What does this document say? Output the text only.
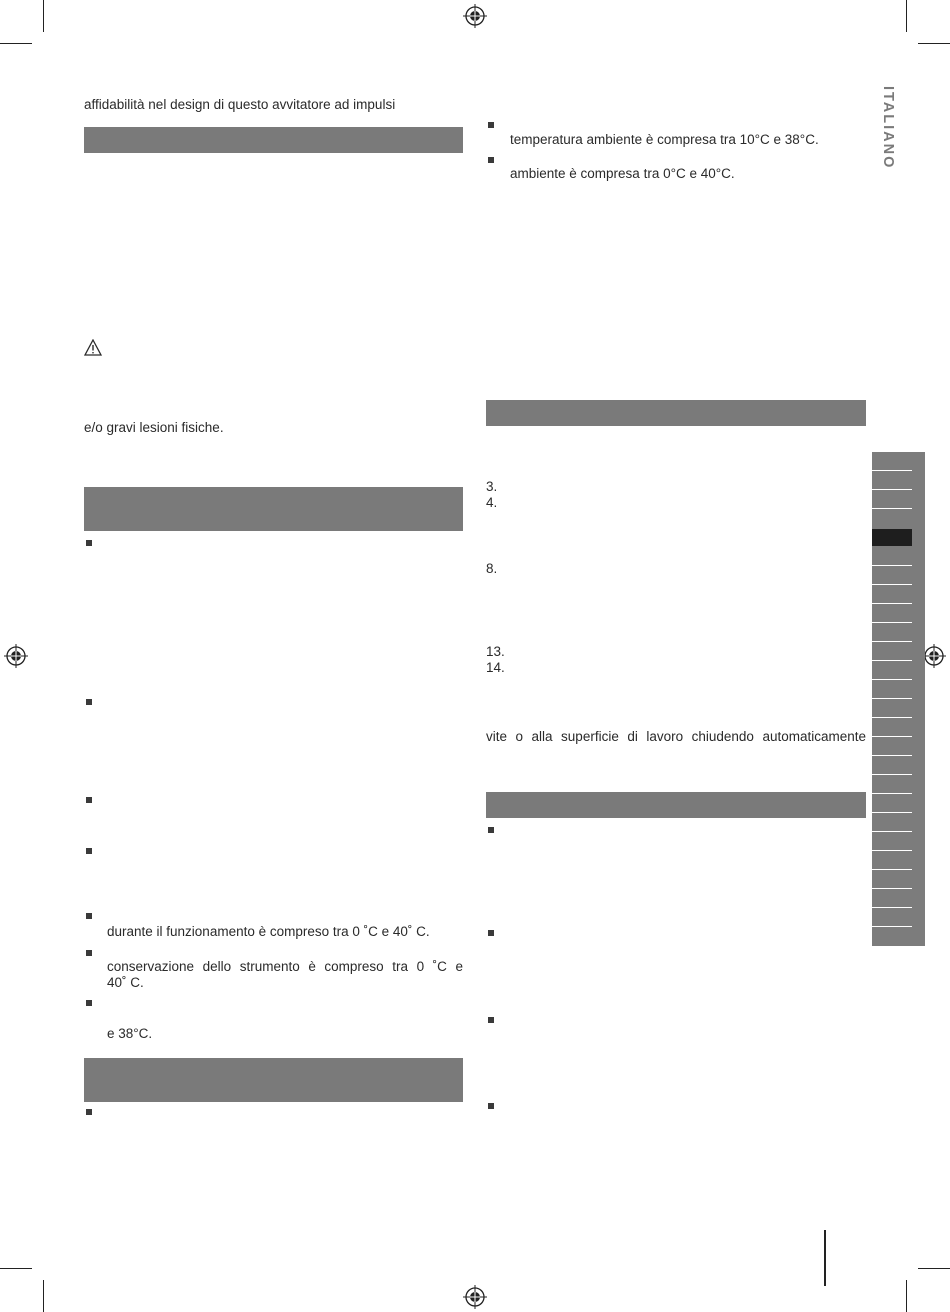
ITALIANO
affidabilità nel design di questo avvitatore ad impulsi
e/o gravi lesioni fisiche.
durante il funzionamento è compreso tra 0 ˚C e 40˚ C.
conservazione dello strumento è compreso tra 0 ˚C e
40˚ C.
e 38°C.
temperatura ambiente è compresa tra 10°C e 38°C.
ambiente è compresa tra 0°C e 40°C.
3.
4.
8.
13.
14.
vite o alla superficie di lavoro chiudendo automaticamente
